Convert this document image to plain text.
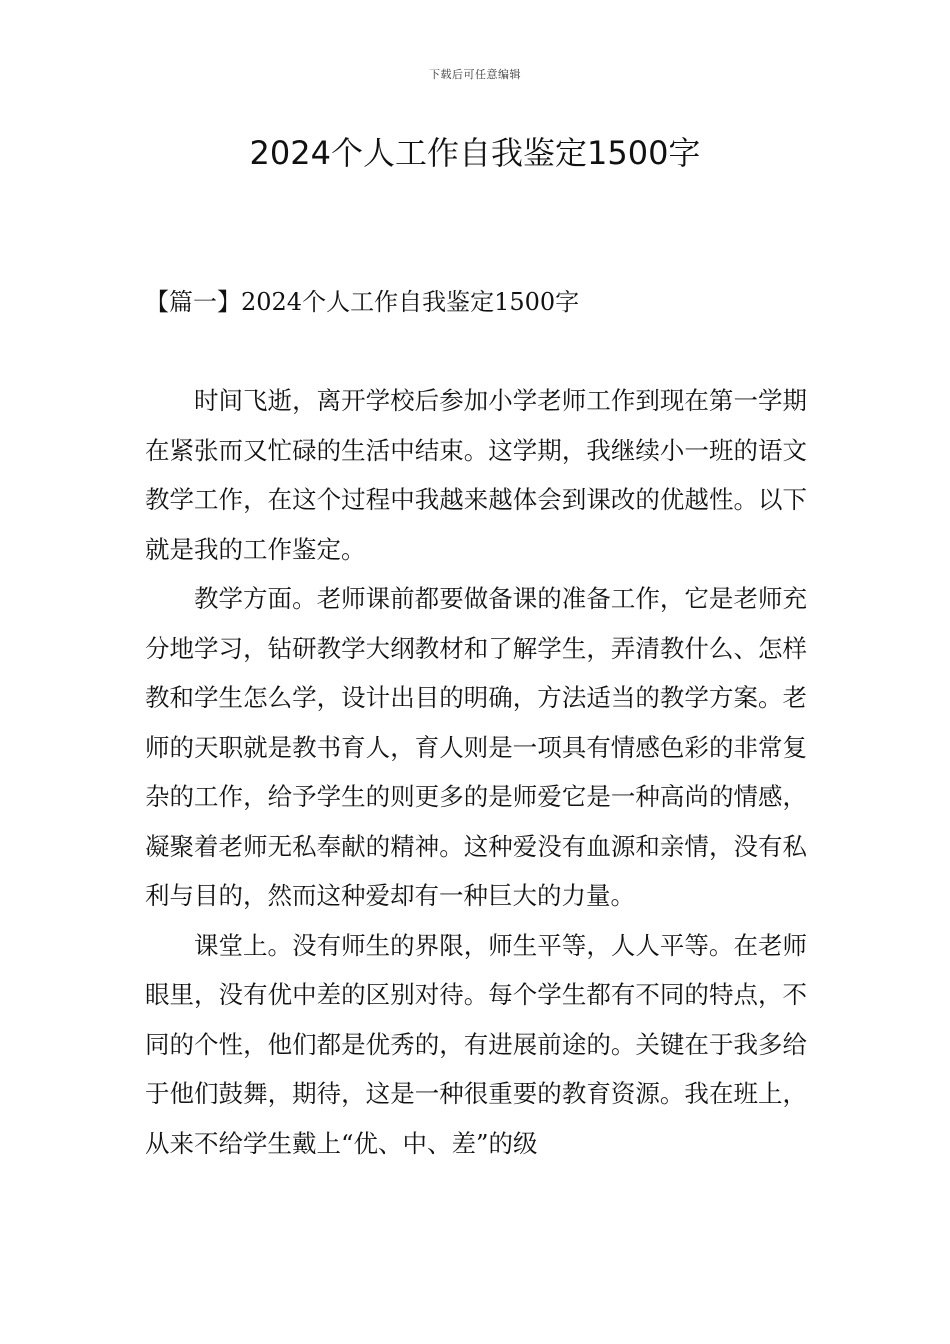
下载后可任意编辑
2024个人工作自我鉴定1500字
【篇一】2024个人工作自我鉴定1500字

时间飞逝，离开学校后参加小学老师工作到现在第一学期在紧张而又忙碌的生活中结束。这学期，我继续小一班的语文教学工作，在这个过程中我越来越体会到课改的优越性。以下就是我的工作鉴定。

教学方面。老师课前都要做备课的准备工作，它是老师充分地学习，钻研教学大纲教材和了解学生，弄清教什么、怎样教和学生怎么学，设计出目的明确，方法适当的教学方案。老师的天职就是教书育人，育人则是一项具有情感色彩的非常复杂的工作，给予学生的则更多的是师爱它是一种高尚的情感，凝聚着老师无私奉献的精神。这种爱没有血源和亲情，没有私利与目的，然而这种爱却有一种巨大的力量。

课堂上。没有师生的界限，师生平等，人人平等。在老师眼里，没有优中差的区别对待。每个学生都有不同的特点，不同的个性，他们都是优秀的，有进展前途的。关键在于我多给于他们鼓舞，期待，这是一种很重要的教育资源。我在班上，从来不给学生戴上“优、中、差”的级
